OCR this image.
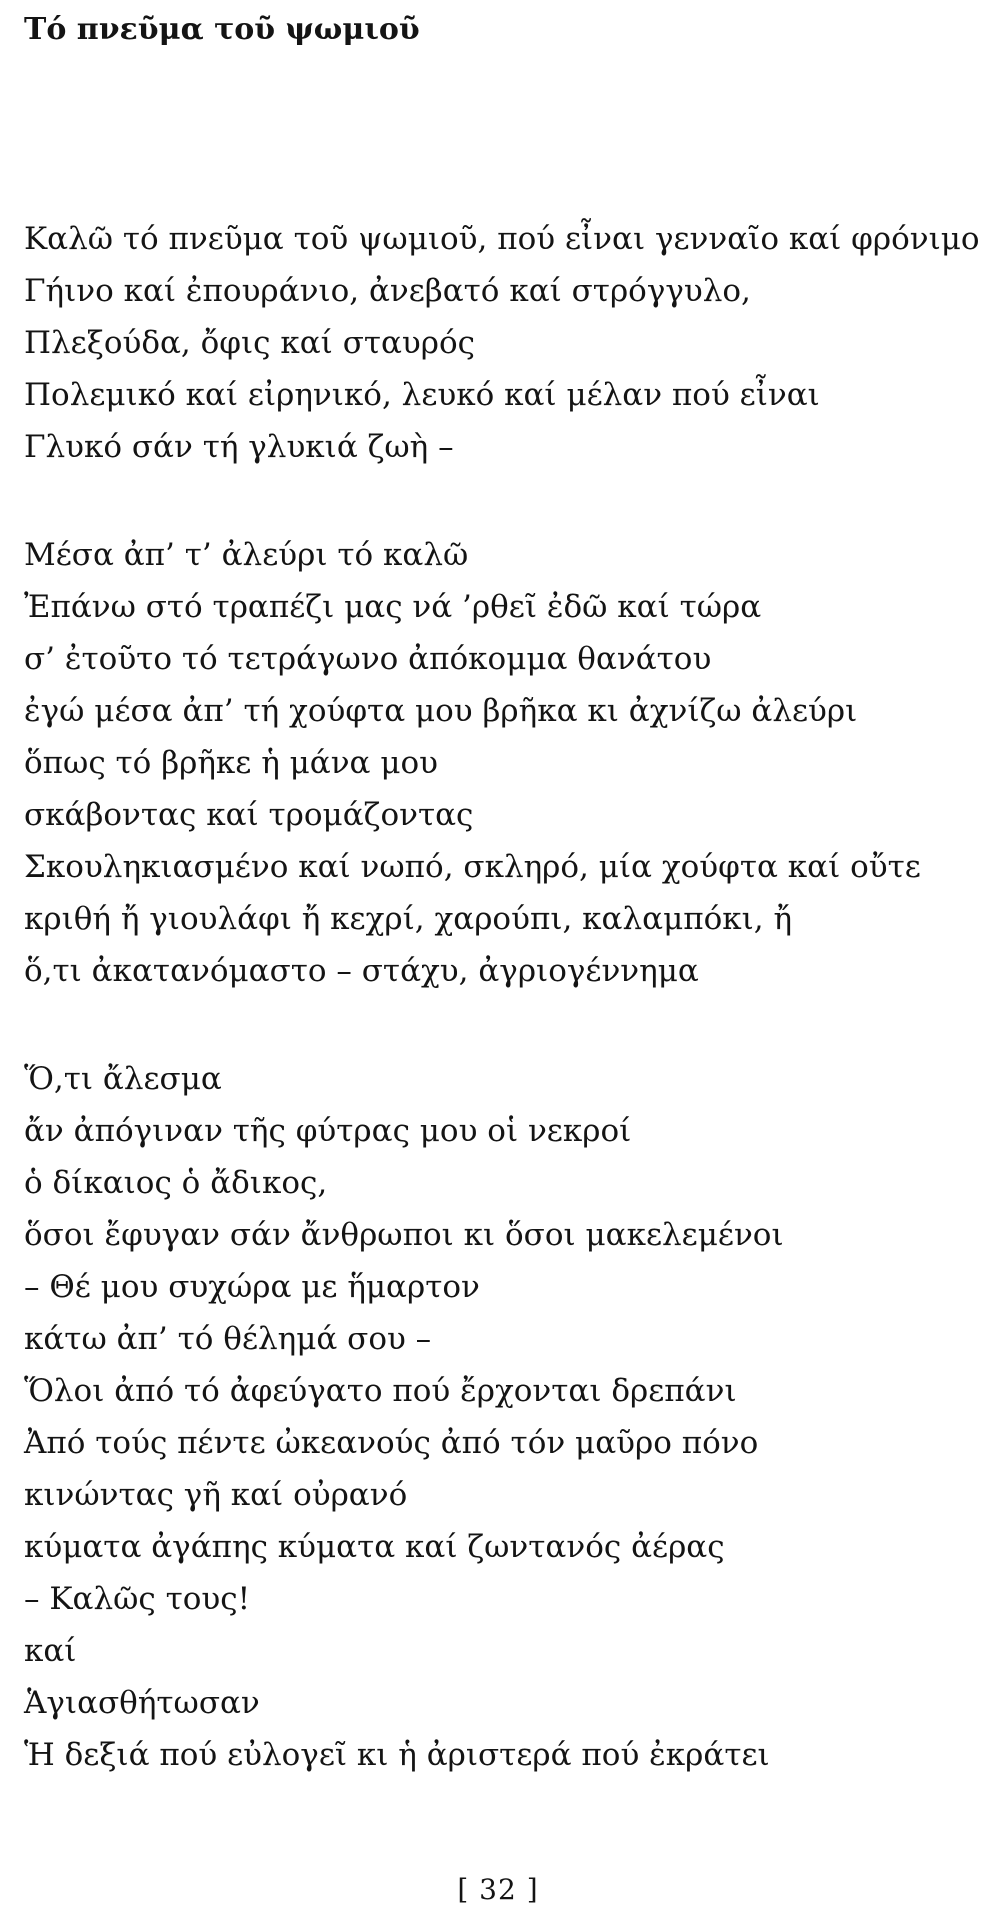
Τό πνεῦμα τοῦ ψωμιοῦ
Καλῶ τό πνεῦμα τοῦ ψωμιοῦ, πού εἶναι γενναῖο καί φρόνιμο
Γήινο καί ἐπουράνιο, ἀνεβατό καί στρόγγυλο,
Πλεξούδα, ὄφις καί σταυρός
Πολεμικό καί εἰρηνικό, λευκό καί μέλαν πού εἶναι
Γλυκό σάν τή γλυκιά ζωὴ –
Μέσα ἀπ’ τ’ ἀλεύρι τό καλῶ
Ἐπάνω στό τραπέζι μας νά ’ρθεῖ ἐδῶ καί τώρα
σ’ ἐτοῦτο τό τετράγωνο ἀπόκομμα θανάτου
ἐγώ μέσα ἀπ’ τή χούφτα μου βρῆκα κι ἀχνίζω ἀλεύρι
ὅπως τό βρῆκε ἡ μάνα μου
σκάβοντας καί τρομάζοντας
Σκουληκιασμένο καί νωπό, σκληρό, μία χούφτα καί οὔτε
κριθή ἤ γιουλάφι ἤ κεχρί, χαρούπι, καλαμπόκι, ἤ
ὅ,τι ἀκατανόμαστο – στάχυ, ἀγριογέννημα
Ὅ,τι ἄλεσμα
ἄν ἀπόγιναν τῆς φύτρας μου οἱ νεκροί
ὁ δίκαιος ὁ ἄδικος,
ὅσοι ἔφυγαν σάν ἄνθρωποι κι ὅσοι μακελεμένοι
– Θέ μου συχώρα με ἥμαρτον
κάτω ἀπ’ τό θέλημά σου –
Ὅλοι ἀπό τό ἀφεύγατο πού ἔρχονται δρεπάνι
Ἀπό τούς πέντε ὠκεανούς ἀπό τόν μαῦρο πόνο
κινώντας γῆ καί οὐρανό
κύματα ἀγάπης κύματα καί ζωντανός ἀέρας
– Καλῶς τους!
καί
Ἁγιασθήτωσαν
Ἡ δεξιά πού εὐλογεῖ κι ἡ ἀριστερά πού ἐκράτει

[ 32 ]
